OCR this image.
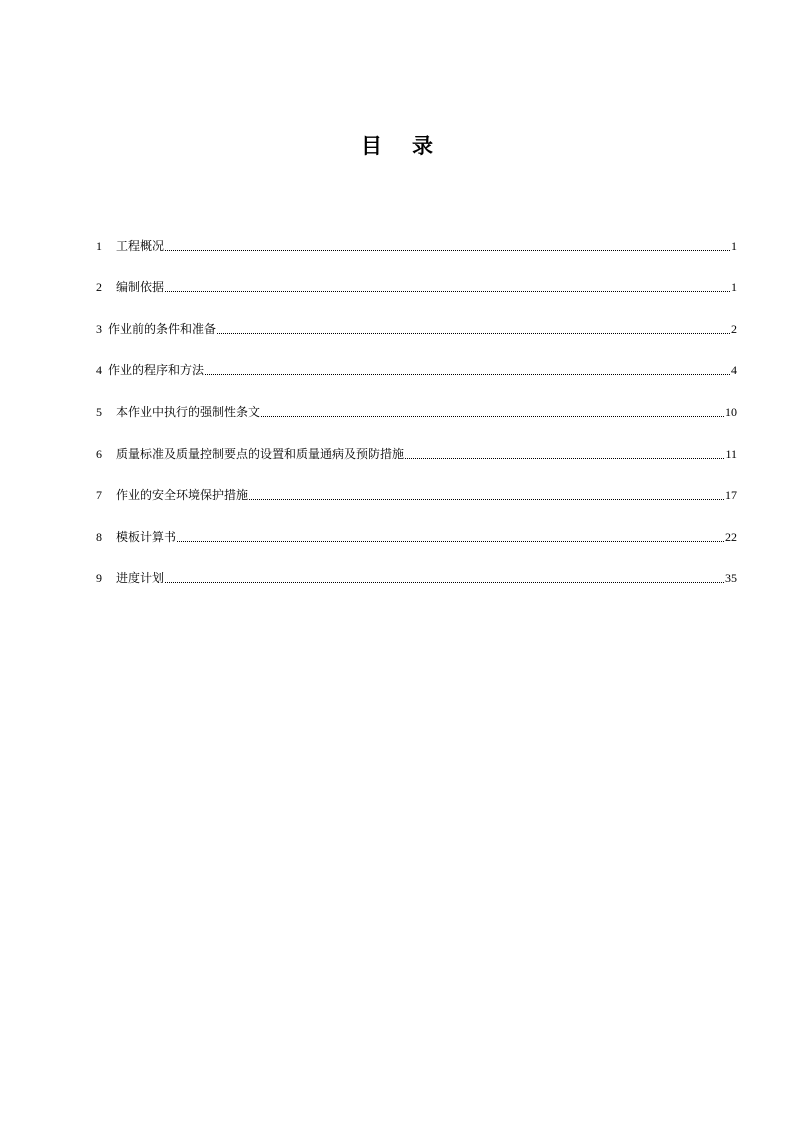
目 录
1	工程概况	1
2	编制依据	1
3 作业前的条件和准备	2
4 作业的程序和方法	4
5	本作业中执行的强制性条文	10
6	质量标准及质量控制要点的设置和质量通病及预防措施	11
7	作业的安全环境保护措施	17
8	模板计算书	22
9	进度计划	35
